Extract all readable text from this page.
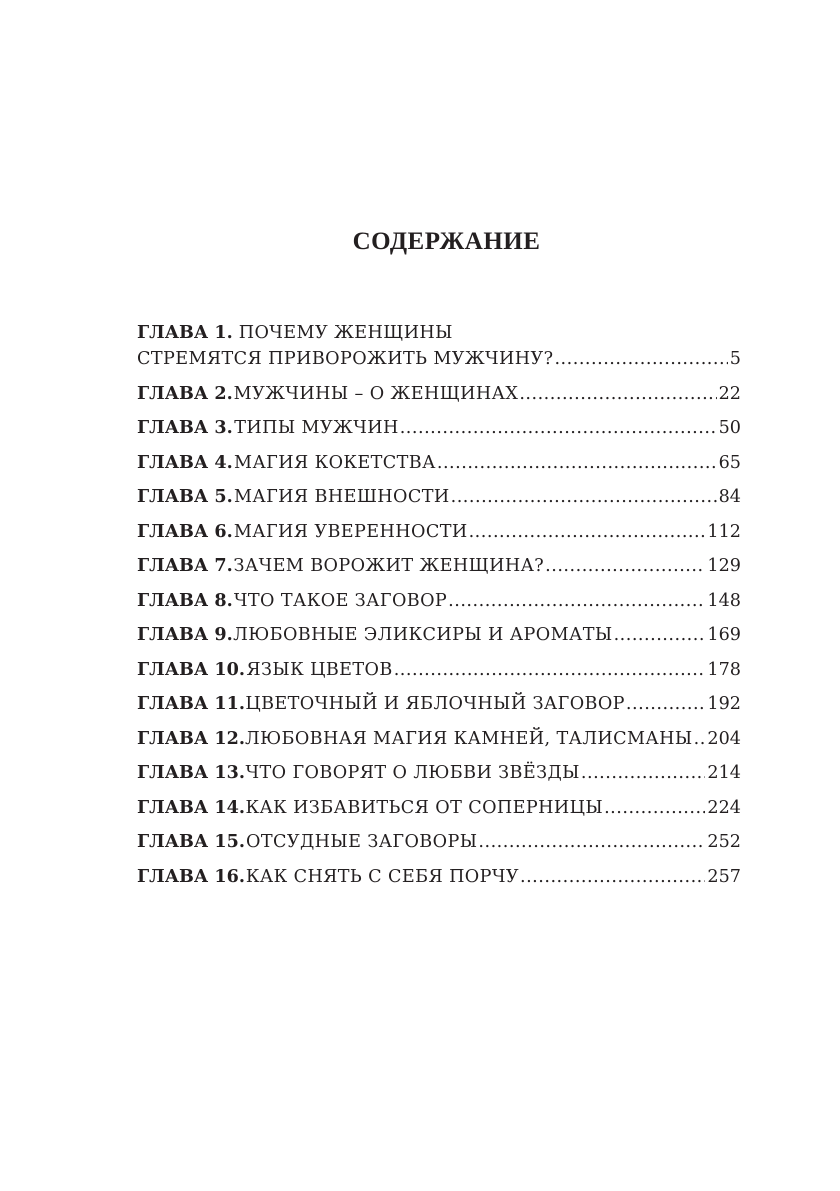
СОДЕРЖАНИЕ
ГЛАВА 1. ПОЧЕМУ ЖЕНЩИНЫ
СТРЕМЯТСЯ ПРИВОРОЖИТЬ МУЖЧИНУ? .....	5
ГЛАВА 2. МУЖЧИНЫ – О ЖЕНЩИНАХ .....	22
ГЛАВА 3. ТИПЫ МУЖЧИН .....	50
ГЛАВА 4. МАГИЯ КОКЕТСТВА .....	65
ГЛАВА 5. МАГИЯ ВНЕШНОСТИ .....	84
ГЛАВА 6. МАГИЯ УВЕРЕННОСТИ .....	112
ГЛАВА 7. ЗАЧЕМ ВОРОЖИТ ЖЕНЩИНА? .....	129
ГЛАВА 8. ЧТО ТАКОЕ ЗАГОВОР .....	148
ГЛАВА 9. ЛЮБОВНЫЕ ЭЛИКСИРЫ И АРОМАТЫ .....	169
ГЛАВА 10. ЯЗЫК ЦВЕТОВ .....	178
ГЛАВА 11. ЦВЕТОЧНЫЙ И ЯБЛОЧНЫЙ ЗАГОВОР .....	192
ГЛАВА 12. ЛЮБОВНАЯ МАГИЯ КАМНЕЙ, ТАЛИСМАНЫ ..... 204
ГЛАВА 13. ЧТО ГОВОРЯТ О ЛЮБВИ ЗВЁЗДЫ .....	214
ГЛАВА 14. КАК ИЗБАВИТЬСЯ ОТ СОПЕРНИЦЫ .....	224
ГЛАВА 15. ОТСУДНЫЕ ЗАГОВОРЫ .....	252
ГЛАВА 16. КАК СНЯТЬ С СЕБЯ ПОРЧУ .....	257
